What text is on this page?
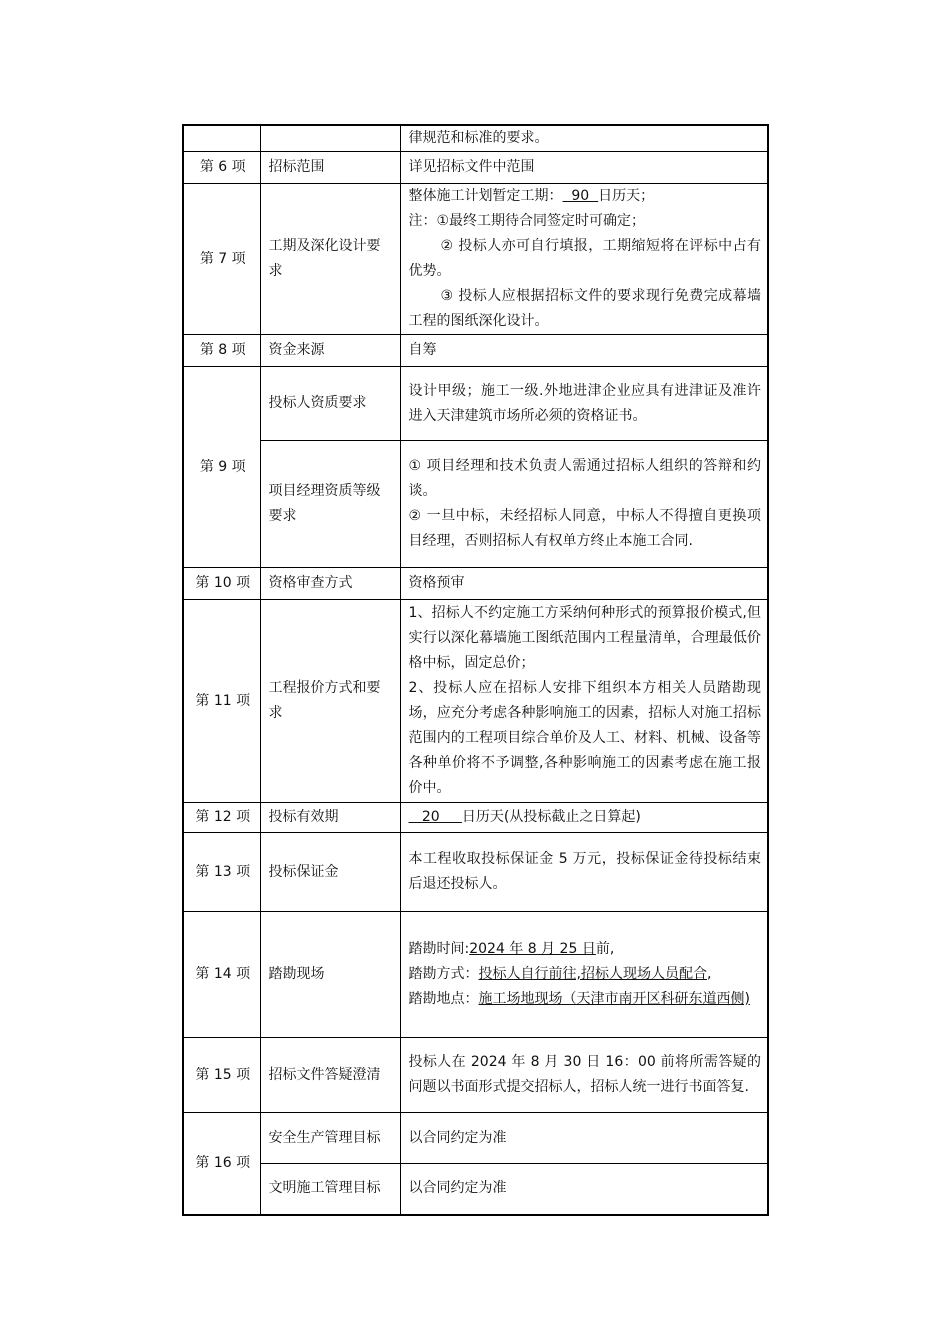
		律规范和标准的要求。
第 6 项	招标范围	详见招标文件中范围
第 7 项	工期及深化设计要求	整体施工计划暂定工期：  90  日历天；
注：①最终工期待合同签定时可确定；
② 投标人亦可自行填报，工期缩短将在评标中占有优势。
③ 投标人应根据招标文件的要求现行免费完成幕墙工程的图纸深化设计。

第 8 项	资金来源	自筹
第 9 项	投标人资质要求	设计甲级；施工一级.外地进津企业应具有进津证及准许进入天津建筑市场所必须的资格证书。
	项目经理资质等级要求	① 项目经理和技术负责人需通过招标人组织的答辩和约谈。
② 一旦中标，未经招标人同意，中标人不得擅自更换项目经理，否则招标人有权单方终止本施工合同.

第 10 项	资格审查方式	资格预审
第 11 项	工程报价方式和要求	1、招标人不约定施工方采纳何种形式的预算报价模式,但实行以深化幕墙施工图纸范围内工程量清单，合理最低价格中标，固定总价；
2、投标人应在招标人安排下组织本方相关人员踏勘现场，应充分考虑各种影响施工的因素，招标人对施工招标范围内的工程项目综合单价及人工、材料、机械、设备等各种单价将不予调整,各种影响施工的因素考虑在施工报价中。

第 12 项	投标有效期	20     日历天(从投标截止之日算起)
第 13 项	投标保证金	本工程收取投标保证金 5 万元，投标保证金待投标结束后退还投标人。
第 14 项	踏勘现场	踏勘时间:2024 年 8 月 25 日前,
踏勘方式：投标人自行前往,招标人现场人员配合,
踏勘地点：施工场地现场（天津市南开区科研东道西侧)

第 15 项	招标文件答疑澄清	投标人在 2024 年 8 月 30 日 16：00 前将所需答疑的问题以书面形式提交招标人，招标人统一进行书面答复.
第 16 项	安全生产管理目标	以合同约定为准
	文明施工管理目标	以合同约定为准
